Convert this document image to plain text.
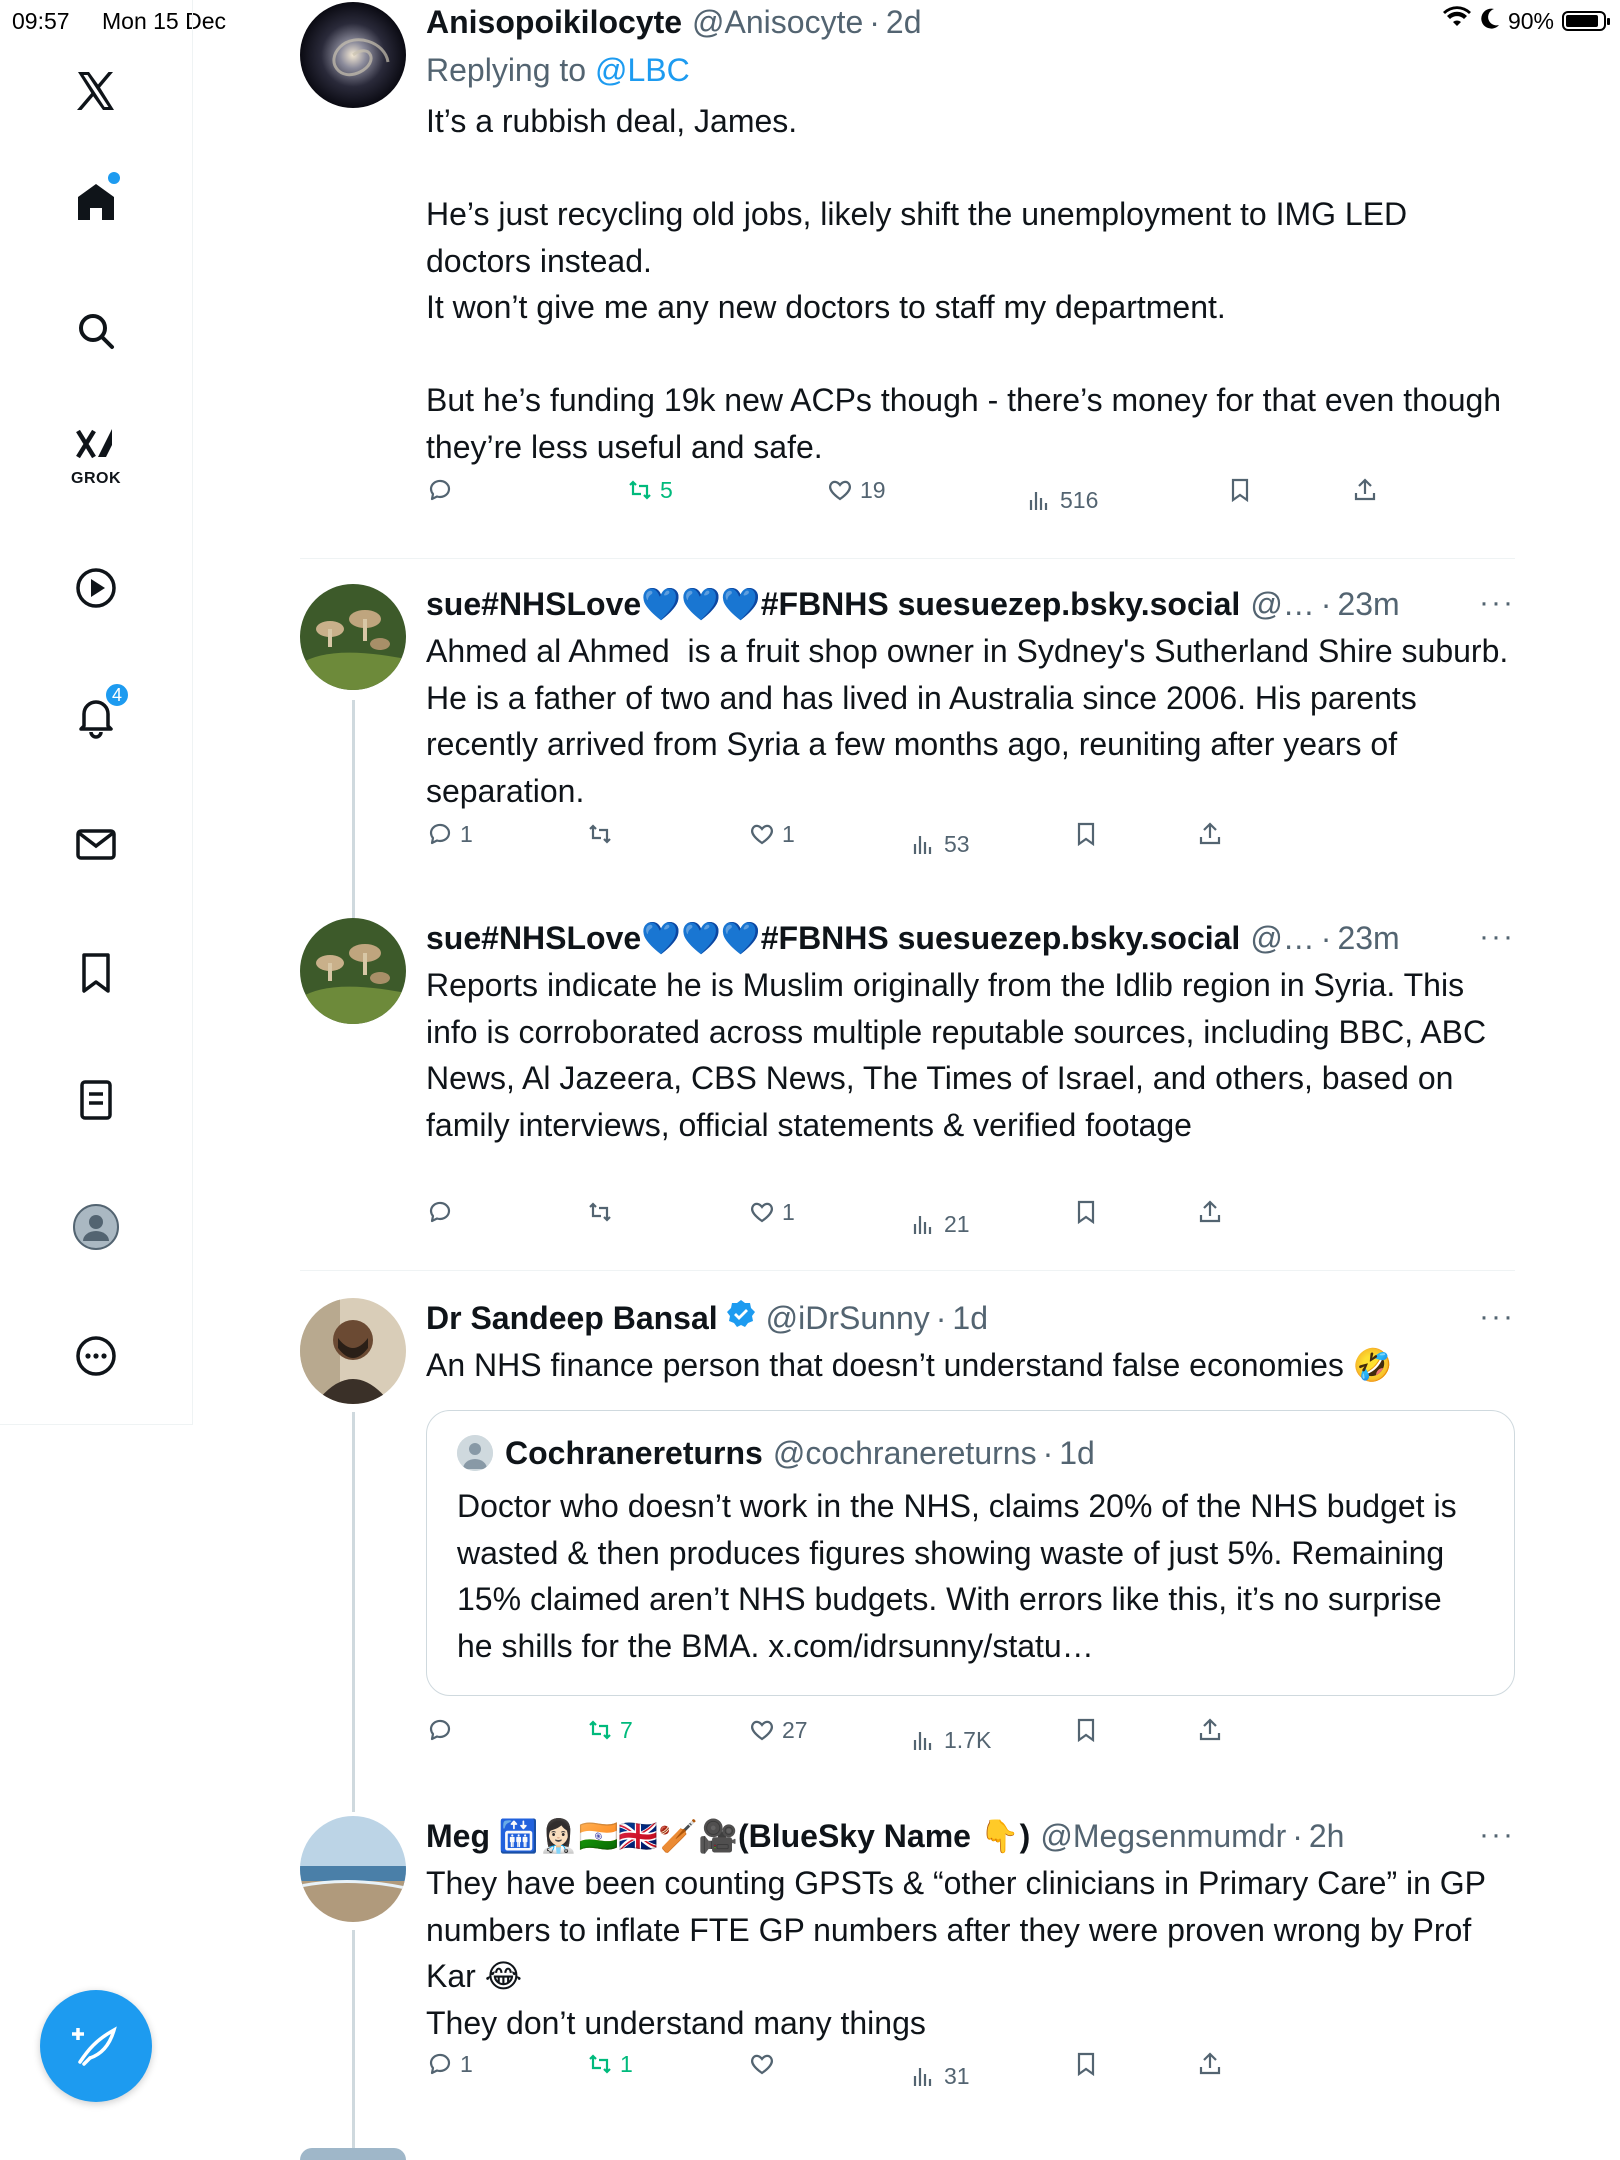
09:57 Mon 15 Dec	90%
GROK
4
Anisopoikilocyte @Anisocyte · 2d
Replying to @LBC
It’s a rubbish deal, James.

He’s just recycling old jobs, likely shift the unemployment to IMG LED doctors instead.
It won’t give me any new doctors to staff my department.

But he’s funding 19k new ACPs though - there’s money for that even though they’re less useful and safe.
5	19	516
sue#NHSLove💙💙💙#FBNHS suesuezep.bsky.social @… · 23m	···
Ahmed al Ahmed  is a fruit shop owner in Sydney's Sutherland Shire suburb. He is a father of two and has lived in Australia since 2006. His parents recently arrived from Syria a few months ago, reuniting after years of separation.
1	1	53
sue#NHSLove💙💙💙#FBNHS suesuezep.bsky.social @… · 23m	···
Reports indicate he is Muslim originally from the Idlib region in Syria. This info is corroborated across multiple reputable sources, including BBC, ABC News, Al Jazeera, CBS News, The Times of Israel, and others, based on family interviews, official statements & verified footage
1	21
Dr Sandeep Bansal @iDrSunny · 1d	···
An NHS finance person that doesn’t understand false economies 🤣
Cochranereturns @cochranereturns · 1d
Doctor who doesn’t work in the NHS, claims 20% of the NHS budget is wasted & then produces figures showing waste of just 5%. Remaining 15% claimed aren’t NHS budgets. With errors like this, it’s no surprise he shills for the BMA. x.com/idrsunny/statu…
7	27	1.7K
Meg 🛗👩🏻‍⚕️🇮🇳🇬🇧🏏🎥(BlueSky Name 👇) @Megsenmumdr · 2h	···
They have been counting GPSTs & “other clinicians in Primary Care” in GP numbers to inflate FTE GP numbers after they were proven wrong by Prof Kar 😂
They don’t understand many things
1	1	31
